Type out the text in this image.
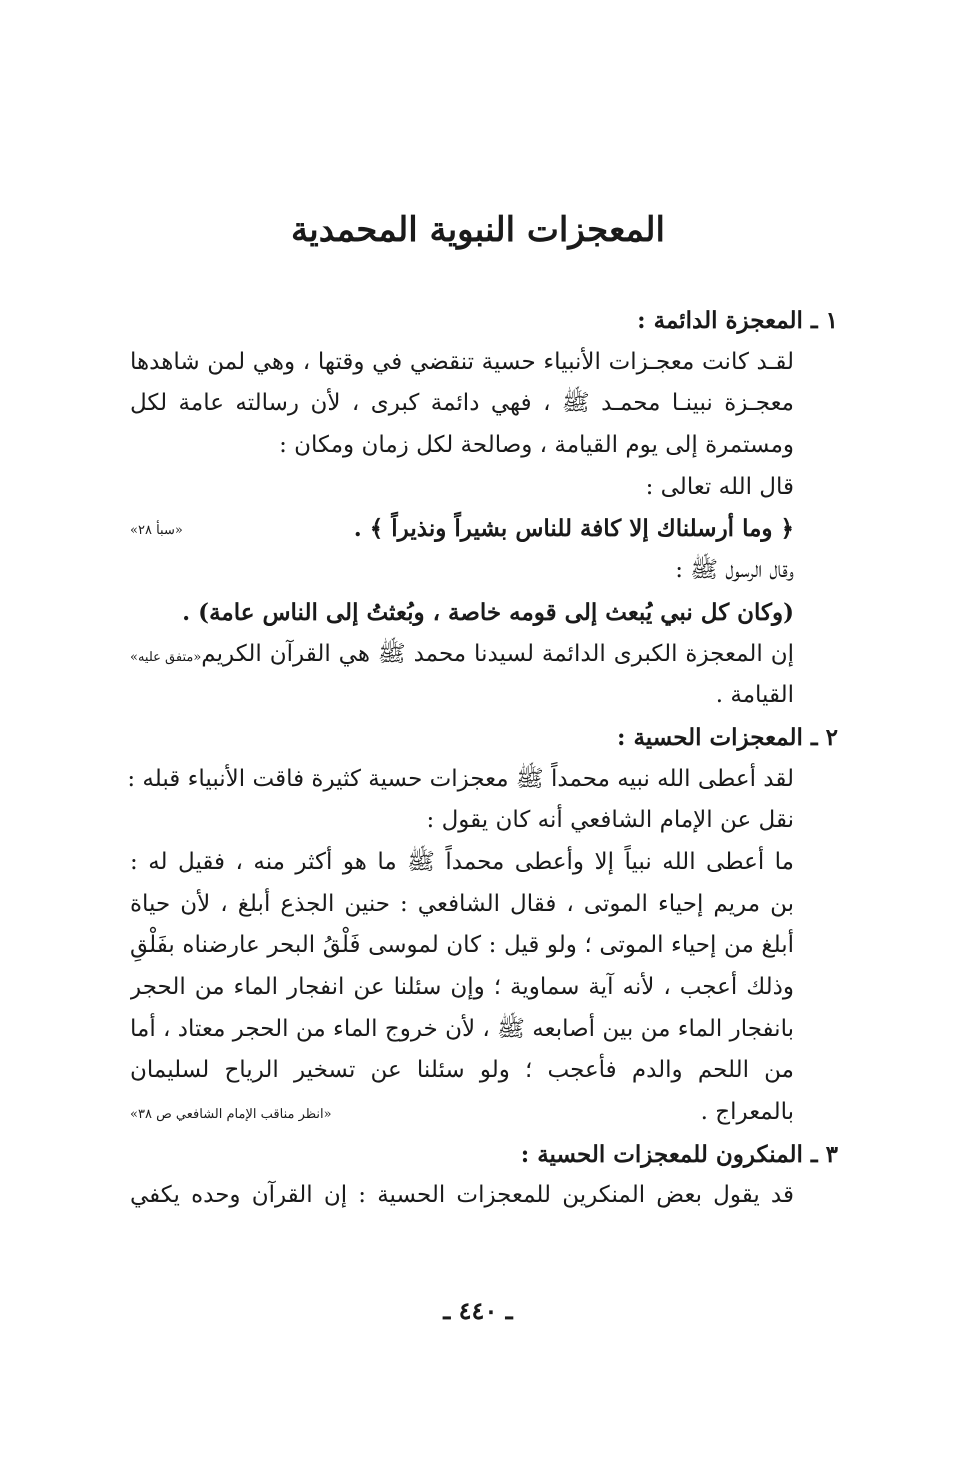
المعجزات النبوية المحمدية
١ ـ المعجزة الدائمة :
لقـد كانت معجـزات الأنبياء حسية تنقضي في وقتها ، وهي لمن شاهدها
معجـزة نبينـا محمـد ﷺ ، فهي دائمة كبرى ، لأن رسالته عامة لكل
ومستمرة إلى يوم القيامة ، وصالحة لكل زمان ومكان :
قال الله تعالى :
﴿ وما أرسلناك إلا كافة للناس بشيراً ونذيراً ﴾ .
«سبأ ٢٨»
وقال الرسول ﷺ :
(وكان كل نبي يُبعث إلى قومه خاصة ، وبُعثتُ إلى الناس عامة) .
«متفق عليه»	إن المعجزة الكبرى الدائمة لسيدنا محمد ﷺ هي القرآن الكريم
القيامة .
٢ ـ المعجزات الحسية :
لقد أعطى الله نبيه محمداً ﷺ معجزات حسية كثيرة فاقت الأنبياء قبله :
نقل عن الإمام الشافعي أنه كان يقول :
ما أعطى الله نبياً إلا وأعطى محمداً ﷺ ما هو أكثر منه ، فقيل له :
بن مريم إحياء الموتى ، فقال الشافعي : حنين الجذع أبلغ ، لأن حياة
أبلغ من إحياء الموتى ؛ ولو قيل : كان لموسى فَلْقُ البحر عارضناه بفَلْقِ
وذلك أعجب ، لأنه آية سماوية ؛ وإن سئلنا عن انفجار الماء من الحجر
بانفجار الماء من بين أصابعه ﷺ ، لأن خروج الماء من الحجر معتاد ، أما
من اللحم والدم فأعجب ؛ ولو سئلنا عن تسخير الرياح لسليمان
بالمعراج .
«انظر مناقب الإمام الشافعي ص ٣٨»
٣ ـ المنكرون للمعجزات الحسية :
قد يقول بعض المنكرين للمعجزات الحسية : إن القرآن وحده يكفي
ـ ٤٤٠ ـ
